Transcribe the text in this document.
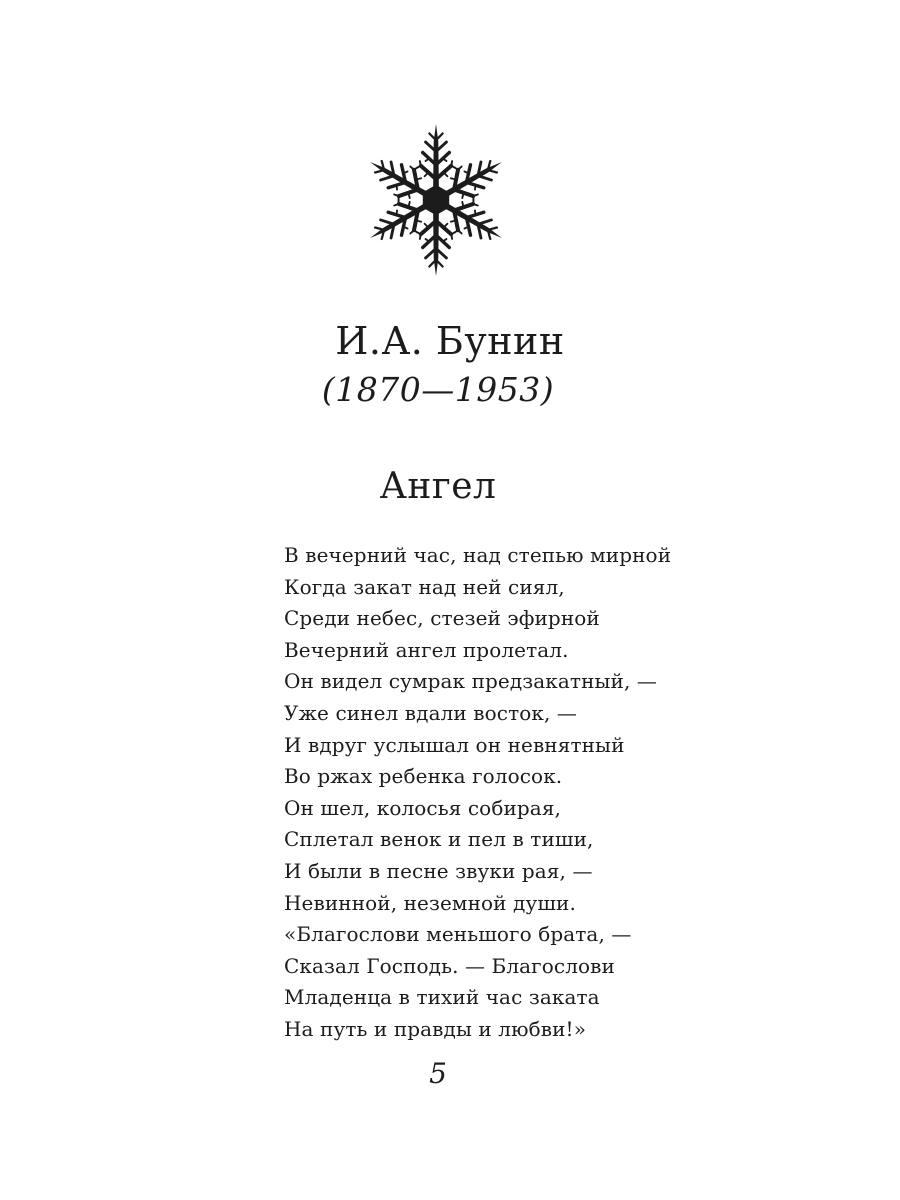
И.А. Бунин
(1870—1953)
Ангел
В вечерний час, над степью мирной
Когда закат над ней сиял,
Среди небес, стезей эфирной
Вечерний ангел пролетал.
Он видел сумрак предзакатный, —
Уже синел вдали восток, —
И вдруг услышал он невнятный
Во ржах ребенка голосок.
Он шел, колосья собирая,
Сплетал венок и пел в тиши,
И были в песне звуки рая, —
Невинной, неземной души.
«Благослови меньшого брата, —
Сказал Господь. — Благослови
Младенца в тихий час заката
На путь и правды и любви!»
5
